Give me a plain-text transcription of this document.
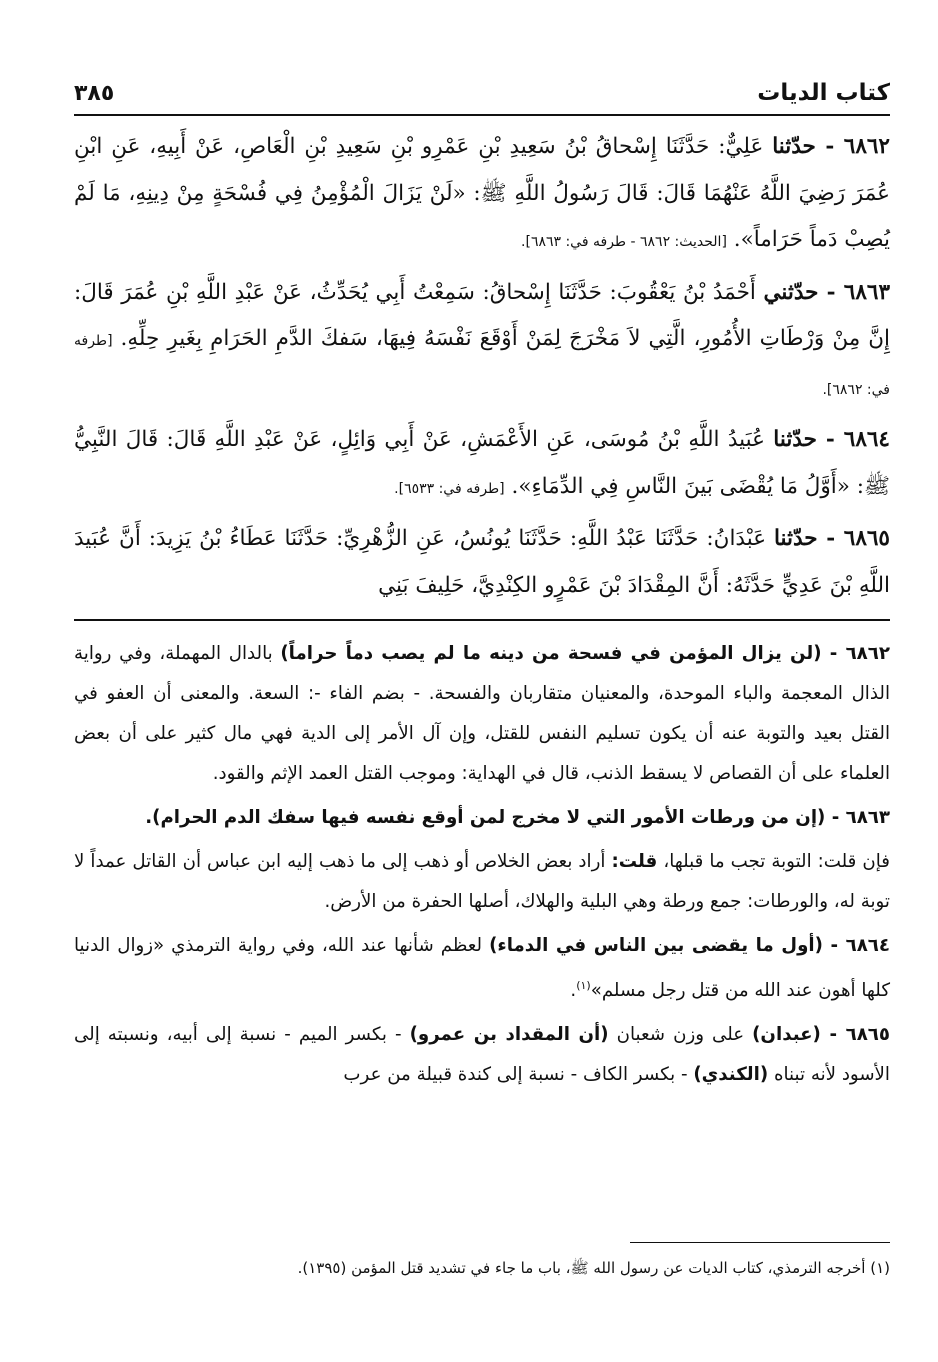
كتاب الديات
٣٨٥

٦٨٦٢ - حدّثنا عَلِيٌّ: حَدَّثَنَا إِسْحاقُ بْنُ سَعِيدِ بْنِ عَمْرِو بْنِ سَعِيدِ بْنِ الْعَاصِ، عَنْ أَبِيهِ، عَنِ ابْنِ عُمَرَ رَضِيَ اللَّهُ عَنْهُمَا قَالَ: قَالَ رَسُولُ اللَّهِ ﷺ: «لَنْ يَزَالَ الْمُؤْمِنُ فِي فُسْحَةٍ مِنْ دِينِهِ، مَا لَمْ يُصِبْ دَماً حَرَاماً». [الحديث: ٦٨٦٢ - طرفه في: ٦٨٦٣].

٦٨٦٣ - حدّثني أَحْمَدُ بْنُ يَعْقُوبَ: حَدَّثَنَا إِسْحاقُ: سَمِعْتُ أَبِي يُحَدِّثُ، عَنْ عَبْدِ اللَّهِ بْنِ عُمَرَ قَالَ: إِنَّ مِنْ وَرْطَاتِ الأُمُورِ، الَّتِي لاَ مَخْرَجَ لِمَنْ أَوْقَعَ نَفْسَهُ فِيهَا، سَفكَ الدَّمِ الحَرَامِ بِغَيرِ حِلِّهِ. [طرفه في: ٦٨٦٢].

٦٨٦٤ - حدّثنا عُبَيدُ اللَّهِ بْنُ مُوسَى، عَنِ الأَعْمَشِ، عَنْ أَبِي وَائِلٍ، عَنْ عَبْدِ اللَّهِ قَالَ: قَالَ النَّبِيُّ ﷺ: «أَوَّلُ مَا يُقْضَى بَينَ النَّاسِ فِي الدِّمَاءِ». [طرفه في: ٦٥٣٣].

٦٨٦٥ - حدّثنا عَبْدَانُ: حَدَّثَنَا عَبْدُ اللَّهِ: حَدَّثَنَا يُونُسُ، عَنِ الزُّهْرِيِّ: حَدَّثَنَا عَطَاءُ بْنُ يَزِيدَ: أَنَّ عُبَيدَ اللَّهِ بْنَ عَدِيٍّ حَدَّثَهُ: أَنَّ المِقْدَادَ بْنَ عَمْرٍو الكِنْدِيَّ، حَلِيفَ بَنِي

٦٨٦٢ - (لن يزال المؤمن في فسحة من دينه ما لم يصب دماً حراماً) بالدال المهملة، وفي رواية الذال المعجمة والباء الموحدة، والمعنيان متقاربان والفسحة. - بضم الفاء -: السعة. والمعنى أن العفو في القتل بعيد والتوبة عنه أن يكون تسليم النفس للقتل، وإن آل الأمر إلى الدية فهي مال كثير على أن بعض العلماء على أن القصاص لا يسقط الذنب، قال في الهداية: وموجب القتل العمد الإثم والقود.

٦٨٦٣ - (إن من ورطات الأمور التي لا مخرج لمن أوقع نفسه فيها سفك الدم الحرام).

فإن قلت: التوبة تجب ما قبلها، قلت: أراد بعض الخلاص أو ذهب إلى ما ذهب إليه ابن عباس أن القاتل عمداً لا توبة له، والورطات: جمع ورطة وهي البلية والهلاك، أصلها الحفرة من الأرض.

٦٨٦٤ - (أول ما يقضى بين الناس في الدماء) لعظم شأنها عند الله، وفي رواية الترمذي «زوال الدنيا كلها أهون عند الله من قتل رجل مسلم»$^{(١)}$.

٦٨٦٥ - (عبدان) على وزن شعبان (أن المقداد بن عمرو) - بكسر الميم - نسبة إلى أبيه، ونسبته إلى الأسود لأنه تبناه (الكندي) - بكسر الكاف - نسبة إلى كندة قبيلة من عرب

(١) أخرجه الترمذي، كتاب الديات عن رسول الله ﷺ، باب ما جاء في تشديد قتل المؤمن (١٣٩٥).
